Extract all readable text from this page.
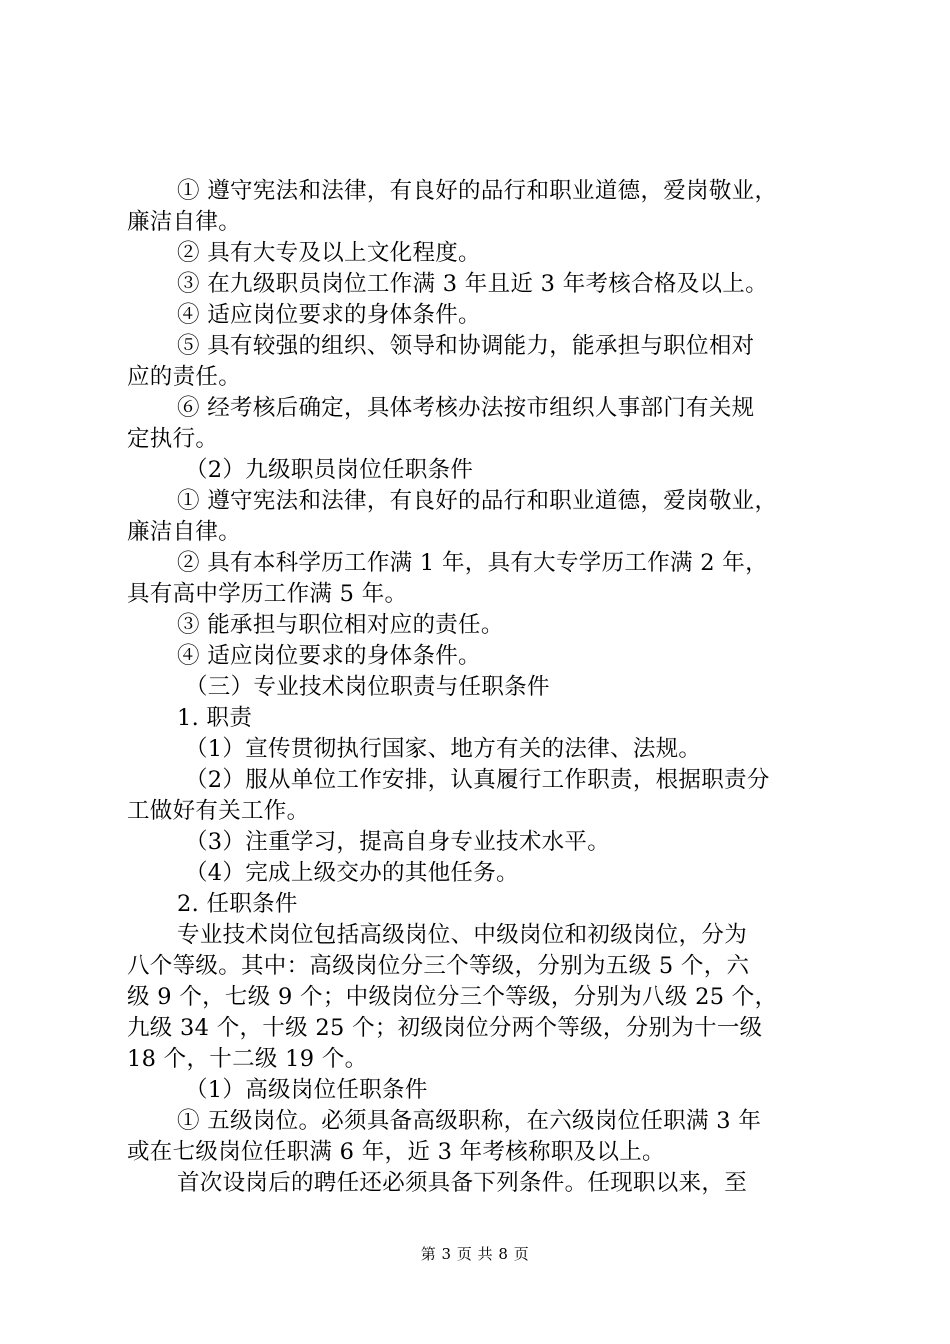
① 遵守宪法和法律，有良好的品行和职业道德，爱岗敬业，
廉洁自律。
② 具有大专及以上文化程度。
③ 在九级职员岗位工作满 3 年且近 3 年考核合格及以上。
④ 适应岗位要求的身体条件。
⑤ 具有较强的组织、领导和协调能力，能承担与职位相对
应的责任。
⑥ 经考核后确定，具体考核办法按市组织人事部门有关规
定执行。
（2）九级职员岗位任职条件
① 遵守宪法和法律，有良好的品行和职业道德，爱岗敬业，
廉洁自律。
② 具有本科学历工作满 1 年，具有大专学历工作满 2 年，
具有高中学历工作满 5 年。
③ 能承担与职位相对应的责任。
④ 适应岗位要求的身体条件。
（三）专业技术岗位职责与任职条件
1. 职责
（1）宣传贯彻执行国家、地方有关的法律、法规。
（2）服从单位工作安排，认真履行工作职责，根据职责分
工做好有关工作。
（3）注重学习，提高自身专业技术水平。
（4）完成上级交办的其他任务。
2. 任职条件
专业技术岗位包括高级岗位、中级岗位和初级岗位，分为
八个等级。其中：高级岗位分三个等级，分别为五级 5 个，六
级 9 个，七级 9 个；中级岗位分三个等级，分别为八级 25 个，
九级 34 个，十级 25 个；初级岗位分两个等级，分别为十一级
18 个，十二级 19 个。
（1）高级岗位任职条件
① 五级岗位。必须具备高级职称，在六级岗位任职满 3 年
或在七级岗位任职满 6 年，近 3 年考核称职及以上。
首次设岗后的聘任还必须具备下列条件。任现职以来，至
第 3 页 共 8 页
